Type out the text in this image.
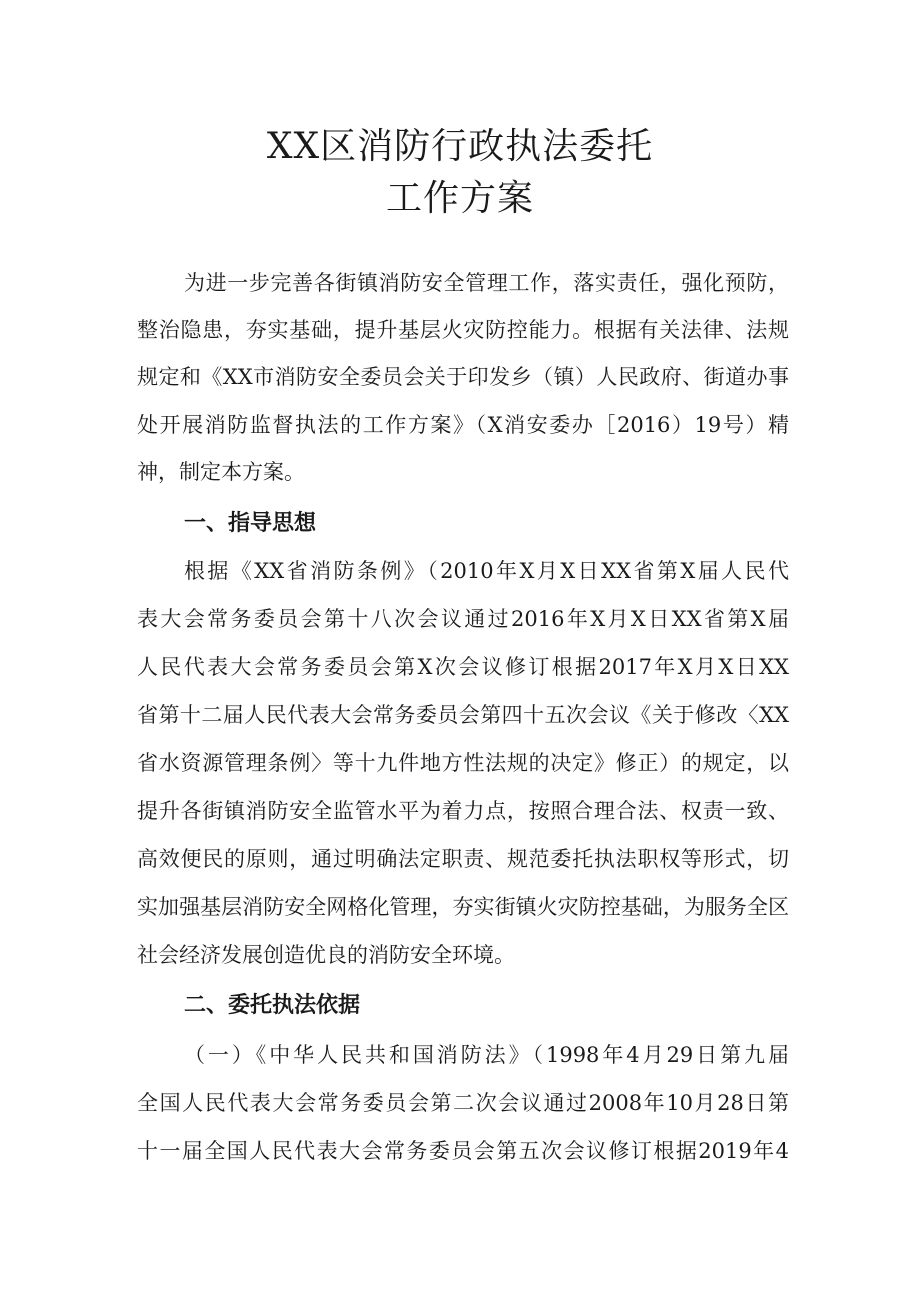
XX区消防行政执法委托
工作方案
为进一步完善各街镇消防安全管理工作，落实责任，强化预防，
整治隐患，夯实基础，提升基层火灾防控能力。根据有关法律、法规
规定和《XX市消防安全委员会关于印发乡（镇）人民政府、街道办事
处开展消防监督执法的工作方案》（X消安委办［2016）19号）精
神，制定本方案。
一、指导思想
根据《XX省消防条例》（2010年X月X日XX省第X届人民代
表大会常务委员会第十八次会议通过2016年X月X日XX省第X届
人民代表大会常务委员会第X次会议修订根据2017年X月X日XX
省第十二届人民代表大会常务委员会第四十五次会议《关于修改〈XX
省水资源管理条例〉等十九件地方性法规的决定》修正）的规定，以
提升各街镇消防安全监管水平为着力点，按照合理合法、权责一致、
高效便民的原则，通过明确法定职责、规范委托执法职权等形式，切
实加强基层消防安全网格化管理，夯实街镇火灾防控基础，为服务全区
社会经济发展创造优良的消防安全环境。
二、委托执法依据
（一）《中华人民共和国消防法》（1998年4月29日第九届
全国人民代表大会常务委员会第二次会议通过2008年10月28日第
十一届全国人民代表大会常务委员会第五次会议修订根据2019年4
